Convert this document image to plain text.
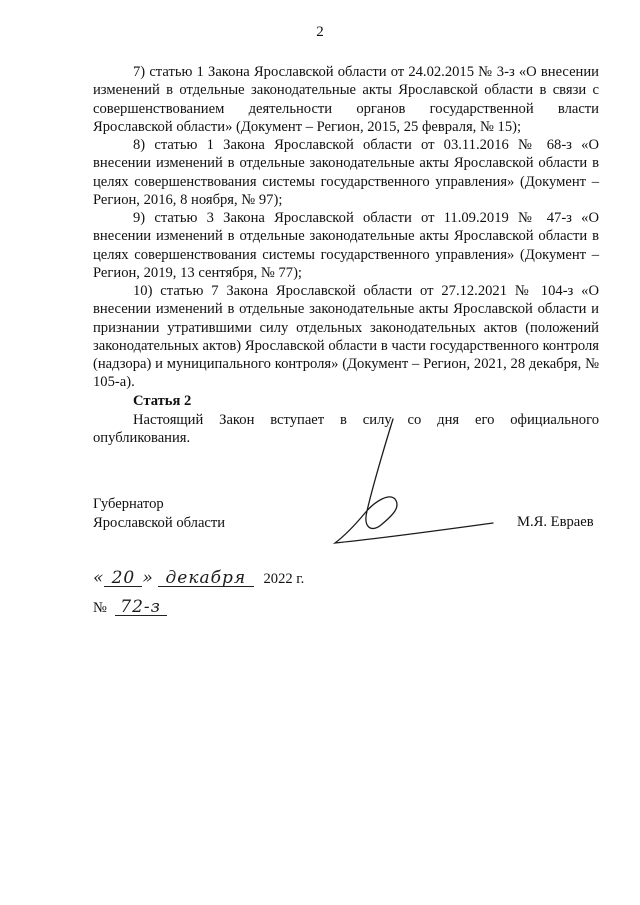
2

7) статью 1 Закона Ярославской области от 24.02.2015 № 3-з «О внесении изменений в отдельные законодательные акты Ярославской области в связи с совершенствованием деятельности органов государственной власти Ярославской области» (Документ – Регион, 2015, 25 февраля, № 15);

8) статью 1 Закона Ярославской области от 03.11.2016 № 68-з «О внесении изменений в отдельные законодательные акты Ярославской области в целях совершенствования системы государственного управления» (Документ – Регион, 2016, 8 ноября, № 97);

9) статью 3 Закона Ярославской области от 11.09.2019 № 47-з «О внесении изменений в отдельные законодательные акты Ярославской области в целях совершенствования системы государственного управления» (Документ – Регион, 2019, 13 сентября, № 77);

10) статью 7 Закона Ярославской области от 27.12.2021 № 104-з «О внесении изменений в отдельные законодательные акты Ярославской области и признании утратившими силу отдельных законодательных актов (положений законодательных актов) Ярославской области в части государственного контроля (надзора) и муниципального контроля» (Документ – Регион, 2021, 28 декабря, № 105-а).

Статья 2

Настоящий Закон вступает в силу со дня его официального опубликования.

Губернатор
Ярославской области	М.Я. Евраев
« 20 » декабря 2022 г.
№ 72-з
